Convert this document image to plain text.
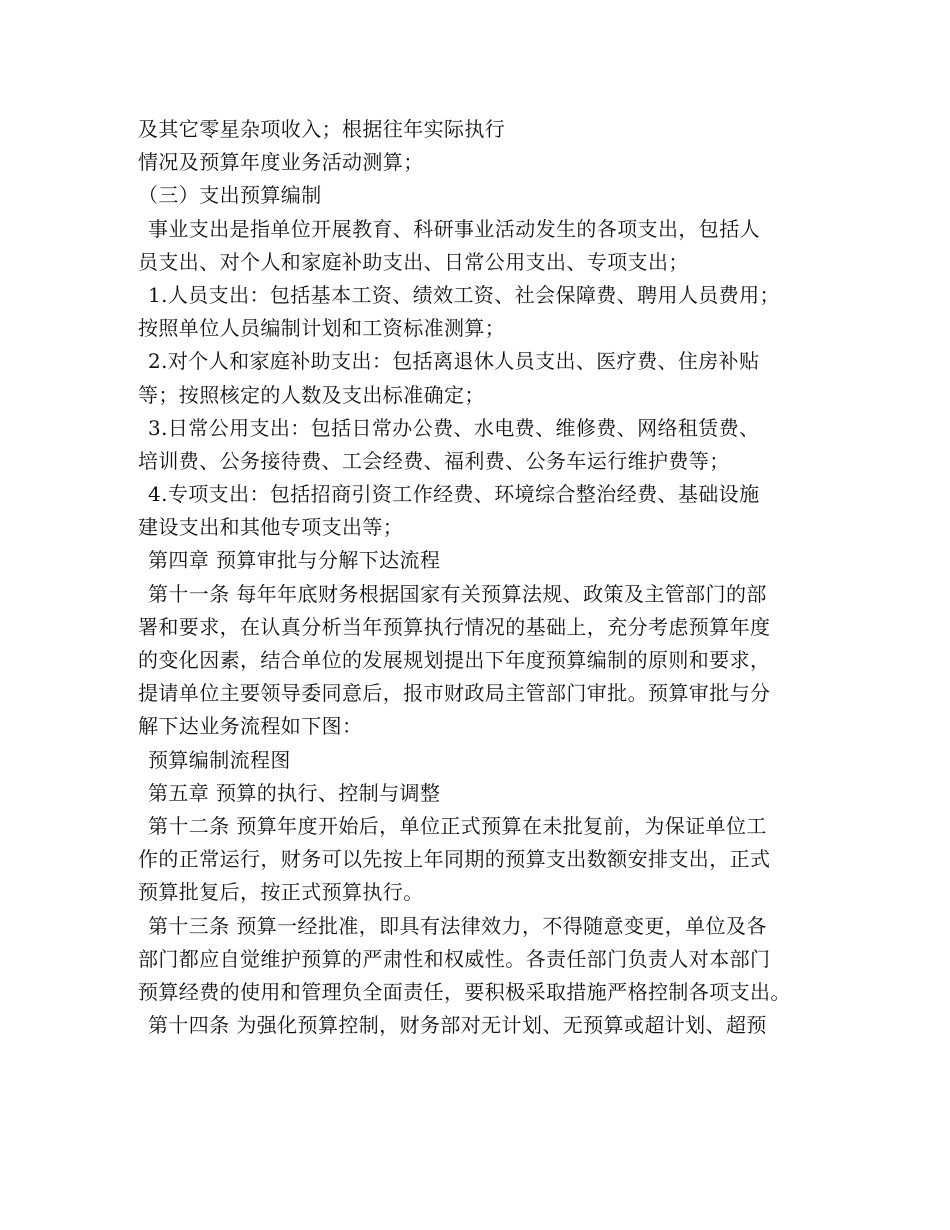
及其它零星杂项收入；根据往年实际执行
情况及预算年度业务活动测算；
（三）支出预算编制
事业支出是指单位开展教育、科研事业活动发生的各项支出，包括人
员支出、对个人和家庭补助支出、日常公用支出、专项支出；
1.人员支出：包括基本工资、绩效工资、社会保障费、聘用人员费用；
按照单位人员编制计划和工资标准测算；
2.对个人和家庭补助支出：包括离退休人员支出、医疗费、住房补贴
等；按照核定的人数及支出标准确定；
3.日常公用支出：包括日常办公费、水电费、维修费、网络租赁费、
培训费、公务接待费、工会经费、福利费、公务车运行维护费等；
4.专项支出：包括招商引资工作经费、环境综合整治经费、基础设施
建设支出和其他专项支出等；
第四章 预算审批与分解下达流程
第十一条 每年年底财务根据国家有关预算法规、政策及主管部门的部
署和要求，在认真分析当年预算执行情况的基础上，充分考虑预算年度
的变化因素，结合单位的发展规划提出下年度预算编制的原则和要求，
提请单位主要领导委同意后，报市财政局主管部门审批。预算审批与分
解下达业务流程如下图：
预算编制流程图
第五章 预算的执行、控制与调整
第十二条 预算年度开始后，单位正式预算在未批复前，为保证单位工
作的正常运行，财务可以先按上年同期的预算支出数额安排支出，正式
预算批复后，按正式预算执行。
第十三条 预算一经批准，即具有法律效力，不得随意变更，单位及各
部门都应自觉维护预算的严肃性和权威性。各责任部门负责人对本部门
预算经费的使用和管理负全面责任，要积极采取措施严格控制各项支出。
第十四条 为强化预算控制，财务部对无计划、无预算或超计划、超预
